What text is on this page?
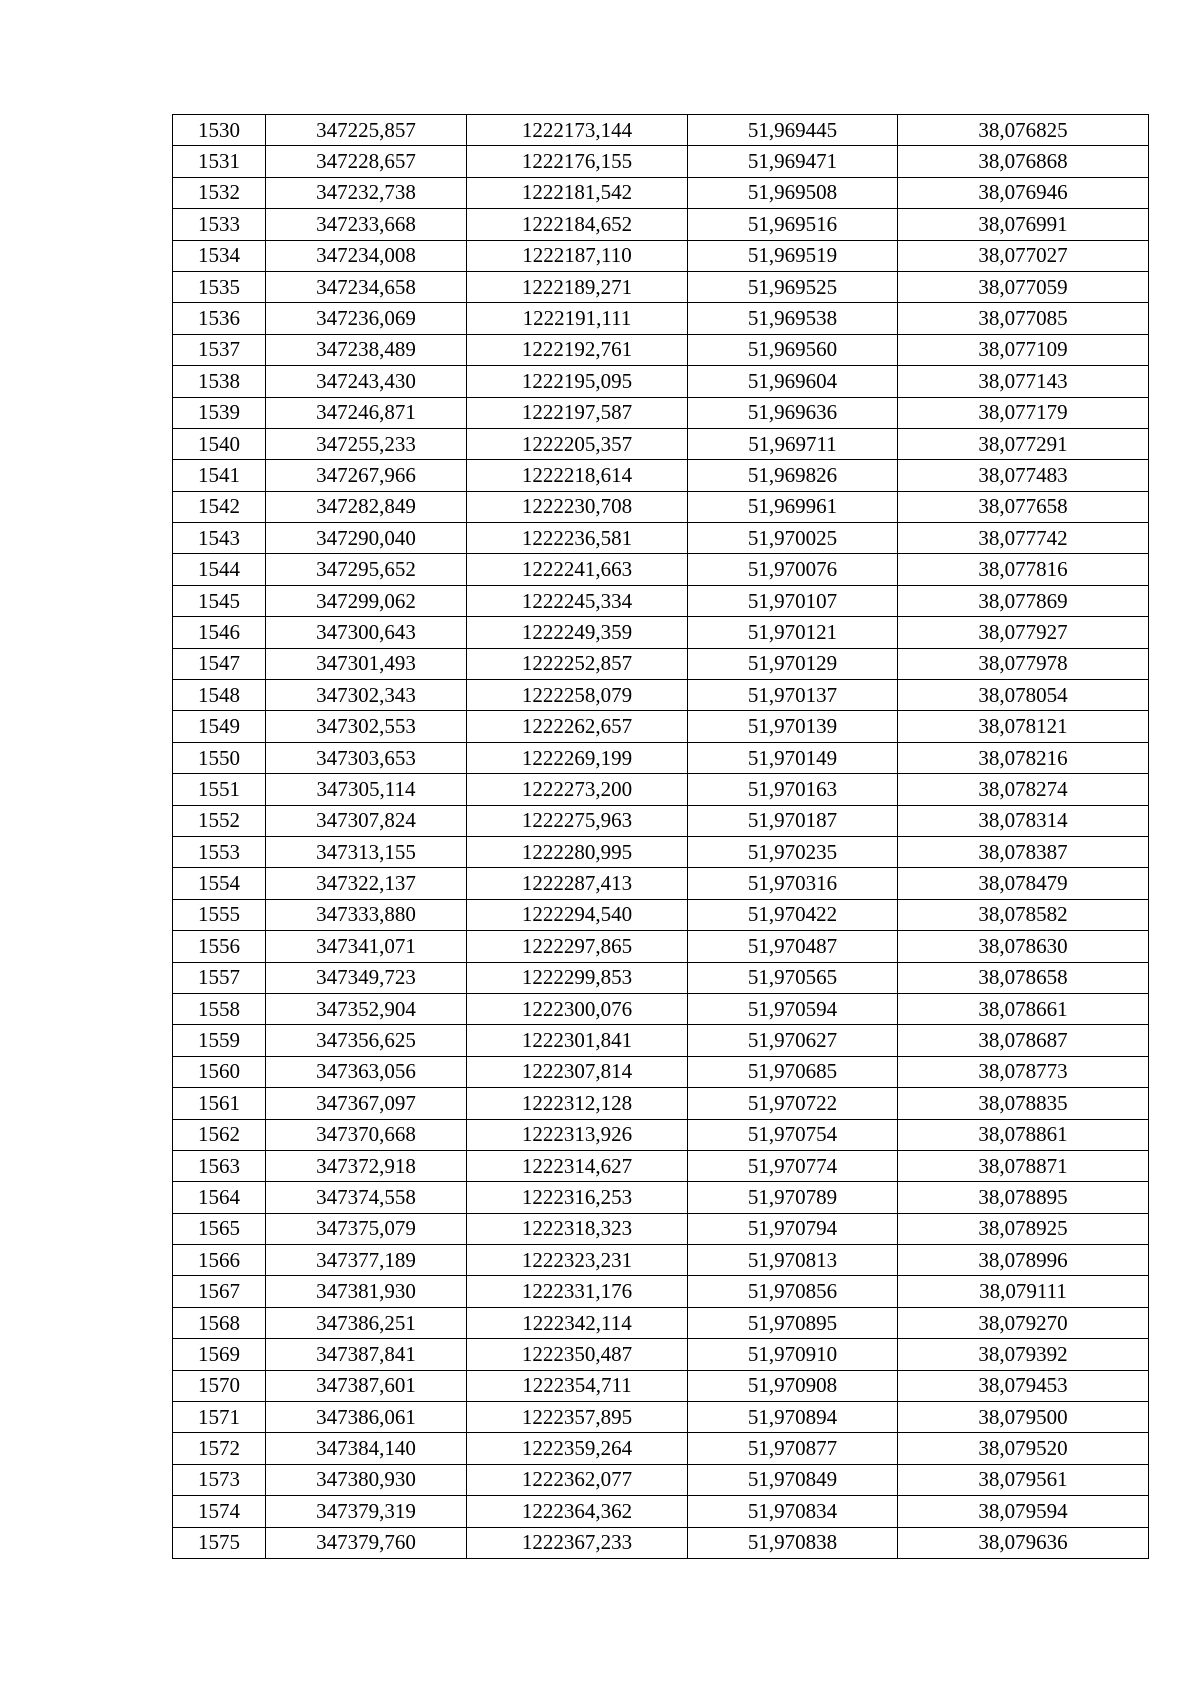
1530	347225,857	1222173,144	51,969445	38,076825
1531	347228,657	1222176,155	51,969471	38,076868
1532	347232,738	1222181,542	51,969508	38,076946
1533	347233,668	1222184,652	51,969516	38,076991
1534	347234,008	1222187,110	51,969519	38,077027
1535	347234,658	1222189,271	51,969525	38,077059
1536	347236,069	1222191,111	51,969538	38,077085
1537	347238,489	1222192,761	51,969560	38,077109
1538	347243,430	1222195,095	51,969604	38,077143
1539	347246,871	1222197,587	51,969636	38,077179
1540	347255,233	1222205,357	51,969711	38,077291
1541	347267,966	1222218,614	51,969826	38,077483
1542	347282,849	1222230,708	51,969961	38,077658
1543	347290,040	1222236,581	51,970025	38,077742
1544	347295,652	1222241,663	51,970076	38,077816
1545	347299,062	1222245,334	51,970107	38,077869
1546	347300,643	1222249,359	51,970121	38,077927
1547	347301,493	1222252,857	51,970129	38,077978
1548	347302,343	1222258,079	51,970137	38,078054
1549	347302,553	1222262,657	51,970139	38,078121
1550	347303,653	1222269,199	51,970149	38,078216
1551	347305,114	1222273,200	51,970163	38,078274
1552	347307,824	1222275,963	51,970187	38,078314
1553	347313,155	1222280,995	51,970235	38,078387
1554	347322,137	1222287,413	51,970316	38,078479
1555	347333,880	1222294,540	51,970422	38,078582
1556	347341,071	1222297,865	51,970487	38,078630
1557	347349,723	1222299,853	51,970565	38,078658
1558	347352,904	1222300,076	51,970594	38,078661
1559	347356,625	1222301,841	51,970627	38,078687
1560	347363,056	1222307,814	51,970685	38,078773
1561	347367,097	1222312,128	51,970722	38,078835
1562	347370,668	1222313,926	51,970754	38,078861
1563	347372,918	1222314,627	51,970774	38,078871
1564	347374,558	1222316,253	51,970789	38,078895
1565	347375,079	1222318,323	51,970794	38,078925
1566	347377,189	1222323,231	51,970813	38,078996
1567	347381,930	1222331,176	51,970856	38,079111
1568	347386,251	1222342,114	51,970895	38,079270
1569	347387,841	1222350,487	51,970910	38,079392
1570	347387,601	1222354,711	51,970908	38,079453
1571	347386,061	1222357,895	51,970894	38,079500
1572	347384,140	1222359,264	51,970877	38,079520
1573	347380,930	1222362,077	51,970849	38,079561
1574	347379,319	1222364,362	51,970834	38,079594
1575	347379,760	1222367,233	51,970838	38,079636
